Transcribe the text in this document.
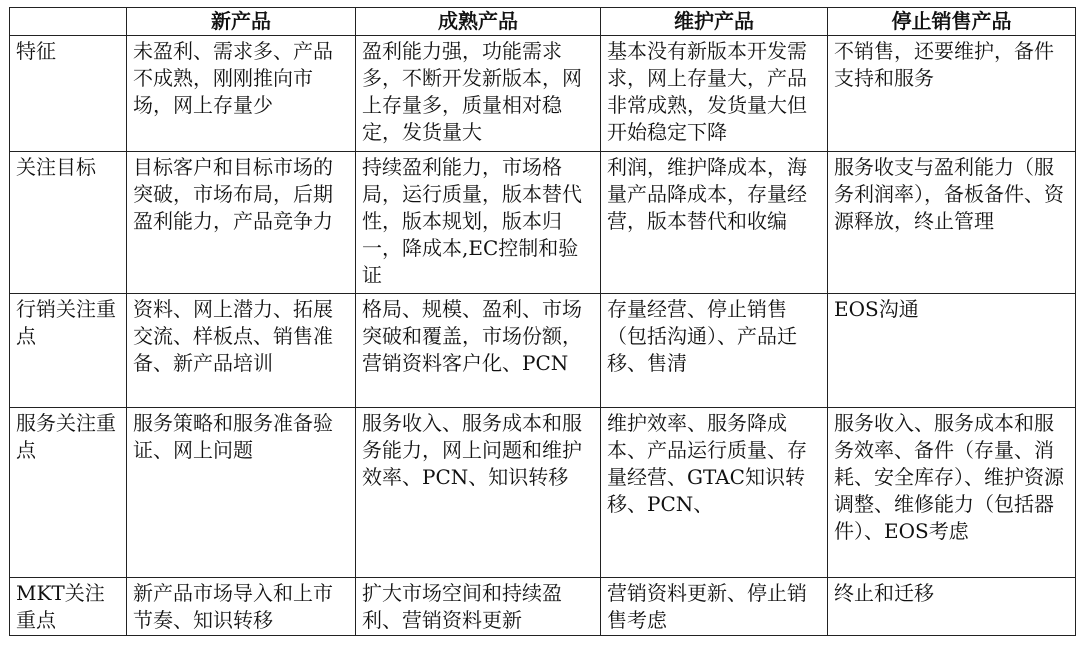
	新产品	成熟产品	维护产品	停止销售产品
特征	未盈利、需求多、产品不成熟，刚刚推向市场，网上存量少	盈利能力强，功能需求多，不断开发新版本，网上存量多，质量相对稳定，发货量大	基本没有新版本开发需求，网上存量大，产品非常成熟，发货量大但开始稳定下降	不销售，还要维护，备件支持和服务
关注目标	目标客户和目标市场的突破，市场布局，后期盈利能力，产品竞争力	持续盈利能力，市场格局，运行质量，版本替代性，版本规划，版本归一，降成本,EC控制和验证	利润，维护降成本，海量产品降成本，存量经营，版本替代和收编	服务收支与盈利能力（服务利润率），备板备件、资源释放，终止管理
行销关注重点	资料、网上潜力、拓展交流、样板点、销售准备、新产品培训	格局、规模、盈利、市场突破和覆盖，市场份额，营销资料客户化、PCN	存量经营、停止销售（包括沟通）、产品迁移、售清	EOS沟通
服务关注重点	服务策略和服务准备验证、网上问题	服务收入、服务成本和服务能力，网上问题和维护效率、PCN、知识转移	维护效率、服务降成本、产品运行质量、存量经营、GTAC知识转移、PCN、	服务收入、服务成本和服务效率、备件（存量、消耗、安全库存）、维护资源调整、维修能力（包括器件）、EOS考虑
MKT关注重点	新产品市场导入和上市节奏、知识转移	扩大市场空间和持续盈利、营销资料更新	营销资料更新、停止销售考虑	终止和迁移
